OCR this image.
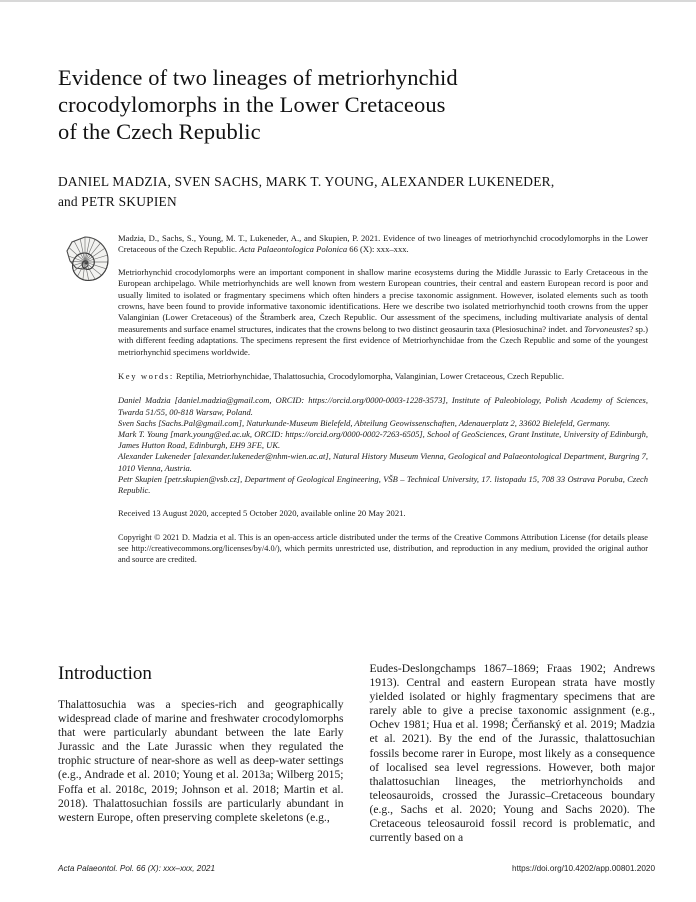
Evidence of two lineages of metriorhynchid
crocodylomorphs in the Lower Cretaceous
of the Czech Republic
DANIEL MADZIA, SVEN SACHS, MARK T. YOUNG, ALEXANDER LUKENEDER,
and PETR SKUPIEN

Madzia, D., Sachs, S., Young, M. T., Lukeneder, A., and Skupien, P. 2021. Evidence of two lineages of metriorhynchid crocodylomorphs in the Lower Cretaceous of the Czech Republic. Acta Palaeontologica Polonica 66 (X): xxx–xxx.

Metriorhynchid crocodylomorphs were an important component in shallow marine ecosystems during the Middle Jurassic to Early Cretaceous in the European archipelago. While metriorhynchids are well known from western European countries, their central and eastern European record is poor and usually limited to isolated or fragmentary specimens which often hinders a precise taxonomic assignment. However, isolated elements such as tooth crowns, have been found to provide informative taxonomic identifications. Here we describe two isolated metriorhynchid tooth crowns from the upper Valanginian (Lower Cretaceous) of the Štramberk area, Czech Republic. Our assessment of the specimens, including multivariate analysis of dental measurements and surface enamel structures, indicates that the crowns belong to two distinct geosaurin taxa (Plesiosuchina? indet. and Torvoneustes? sp.) with different feeding adaptations. The specimens represent the first evidence of Metriorhynchidae from the Czech Republic and some of the youngest metriorhynchid specimens worldwide.

Key words: Reptilia, Metriorhynchidae, Thalattosuchia, Crocodylomorpha, Valanginian, Lower Cretaceous, Czech Republic.

Daniel Madzia [daniel.madzia@gmail.com, ORCID: https://orcid.org/0000-0003-1228-3573], Institute of Paleobiology, Polish Academy of Sciences, Twarda 51/55, 00-818 Warsaw, Poland.

Sven Sachs [Sachs.Pal@gmail.com], Naturkunde-Museum Bielefeld, Abteilung Geowissenschaften, Adenauerplatz 2, 33602 Bielefeld, Germany.

Mark T. Young [mark.young@ed.ac.uk, ORCID: https://orcid.org/0000-0002-7263-6505], School of GeoSciences, Grant Institute, University of Edinburgh, James Hutton Road, Edinburgh, EH9 3FE, UK.

Alexander Lukeneder [alexander.lukeneder@nhm-wien.ac.at], Natural History Museum Vienna, Geological and Palaeontological Department, Burgring 7, 1010 Vienna, Austria.

Petr Skupien [petr.skupien@vsb.cz], Department of Geological Engineering, VŠB – Technical University, 17. listopadu 15, 708 33 Ostrava Poruba, Czech Republic.

Received 13 August 2020, accepted 5 October 2020, available online 20 May 2021.

Copyright © 2021 D. Madzia et al. This is an open-access article distributed under the terms of the Creative Commons Attribution License (for details please see http://creativecommons.org/licenses/by/4.0/), which permits unrestricted use, distribution, and reproduction in any medium, provided the original author and source are credited.

Introduction

Thalattosuchia was a species-rich and geographically widespread clade of marine and freshwater crocodylomorphs that were particularly abundant between the late Early Jurassic and the Late Jurassic when they regulated the trophic structure of near-shore as well as deep-water settings (e.g., Andrade et al. 2010; Young et al. 2013a; Wilberg 2015; Foffa et al. 2018c, 2019; Johnson et al. 2018; Martin et al. 2018). Thalattosuchian fossils are particularly abundant in western Europe, often preserving complete skeletons (e.g.,

Eudes-Deslongchamps 1867–1869; Fraas 1902; Andrews 1913). Central and eastern European strata have mostly yielded isolated or highly fragmentary specimens that are rarely able to give a precise taxonomic assignment (e.g., Ochev 1981; Hua et al. 1998; Čerňanský et al. 2019; Madzia et al. 2021). By the end of the Jurassic, thalattosuchian fossils become rarer in Europe, most likely as a consequence of localised sea level regressions. However, both major thalattosuchian lineages, the metriorhynchoids and teleosauroids, crossed the Jurassic–Cretaceous boundary (e.g., Sachs et al. 2020; Young and Sachs 2020). The Cretaceous teleosauroid fossil record is problematic, and currently based on a

Acta Palaeontol. Pol. 66 (X): xxx–xxx, 2021	https://doi.org/10.4202/app.00801.2020
